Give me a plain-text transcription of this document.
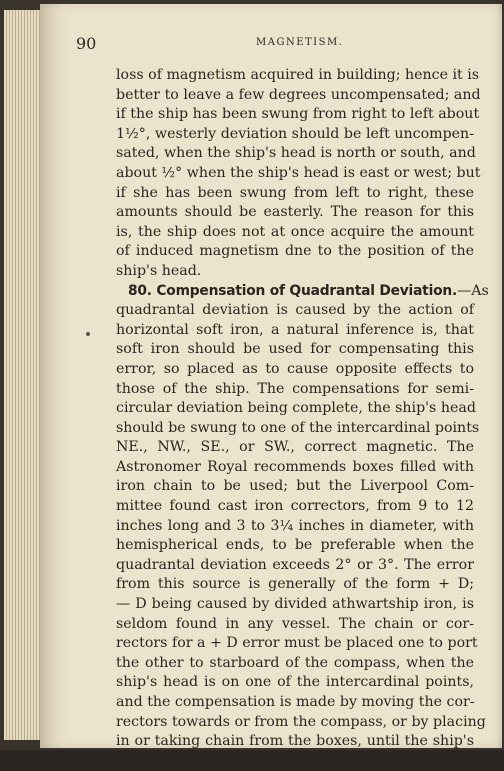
90	MAGNETISM.
loss of magnetism acquired in building; hence it is
better to leave a few degrees uncompensated; and
if the ship has been swung from right to left about
1½°, westerly deviation should be left uncompen-
sated, when the ship's head is north or south, and
about ½° when the ship's head is east or west; but
if she has been swung from left to right, these
amounts should be easterly. The reason for this
is, the ship does not at once acquire the amount
of induced magnetism dne to the position of the
ship's head.
80. Compensation of Quadrantal Deviation.—As
quadrantal deviation is caused by the action of
horizontal soft iron, a natural inference is, that
soft iron should be used for compensating this
error, so placed as to cause opposite effects to
those of the ship. The compensations for semi-
circular deviation being complete, the ship's head
should be swung to one of the intercardinal points
NE., NW., SE., or SW., correct magnetic. The
Astronomer Royal recommends boxes filled with
iron chain to be used; but the Liverpool Com-
mittee found cast iron correctors, from 9 to 12
inches long and 3 to 3¼ inches in diameter, with
hemispherical ends, to be preferable when the
quadrantal deviation exceeds 2° or 3°. The error
from this source is generally of the form + D;
— D being caused by divided athwartship iron, is
seldom found in any vessel. The chain or cor-
rectors for a + D error must be placed one to port
the other to starboard of the compass, when the
ship's head is on one of the intercardinal points,
and the compensation is made by moving the cor-
rectors towards or from the compass, or by placing
in or taking chain from the boxes, until the ship's
head shows by compass the intercardinal point
